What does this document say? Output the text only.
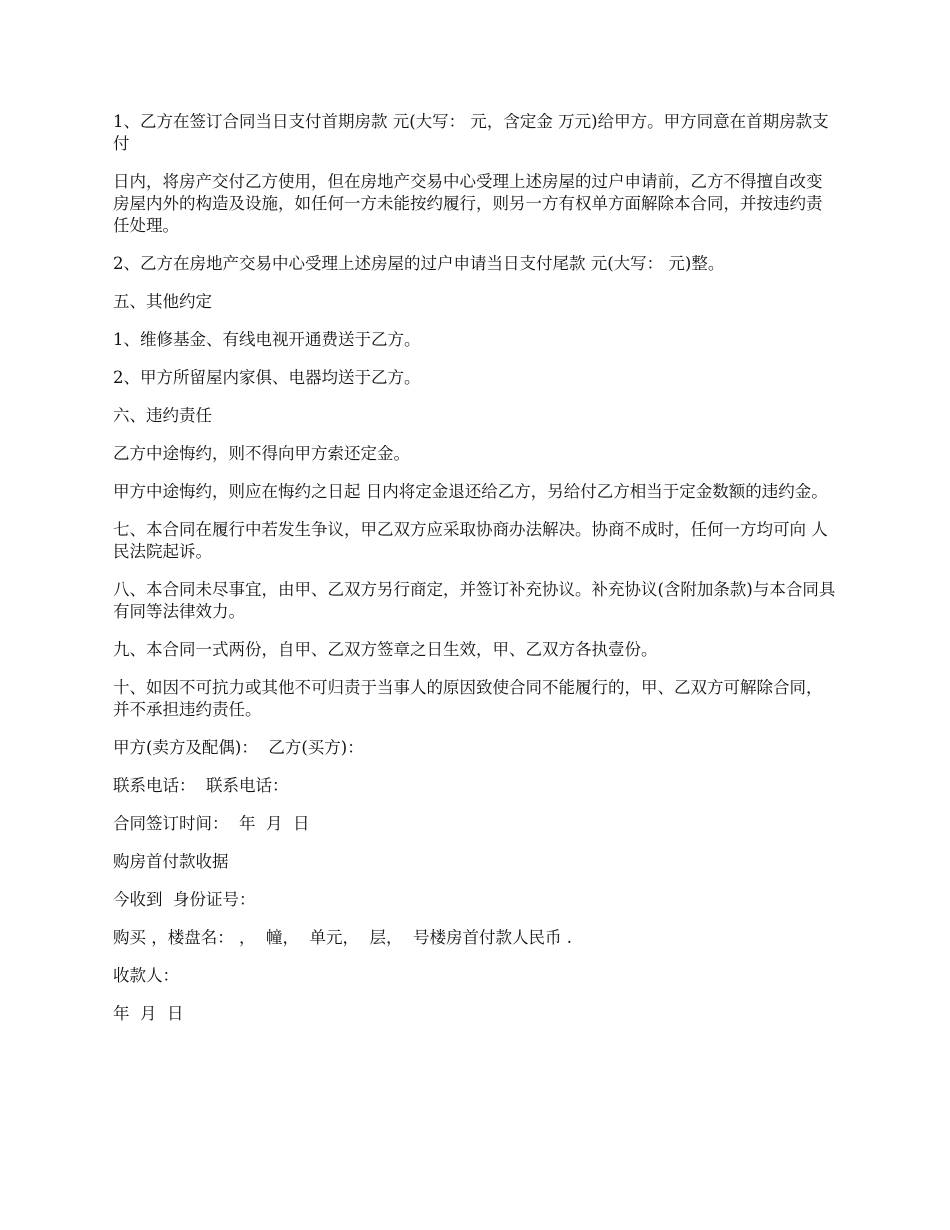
1、乙方在签订合同当日支付首期房款 元(大写： 元，含定金 万元)给甲方。甲方同意在首期房款支付

日内，将房产交付乙方使用，但在房地产交易中心受理上述房屋的过户申请前，乙方不得擅自改变房屋内外的构造及设施，如任何一方未能按约履行，则另一方有权单方面解除本合同，并按违约责任处理。

2、乙方在房地产交易中心受理上述房屋的过户申请当日支付尾款 元(大写： 元)整。

五、其他约定

1、维修基金、有线电视开通费送于乙方。

2、甲方所留屋内家俱、电器均送于乙方。

六、违约责任

乙方中途悔约，则不得向甲方索还定金。

甲方中途悔约，则应在悔约之日起 日内将定金退还给乙方，另给付乙方相当于定金数额的违约金。

七、本合同在履行中若发生争议，甲乙双方应采取协商办法解决。协商不成时，任何一方均可向 人民法院起诉。

八、本合同未尽事宜，由甲、乙双方另行商定，并签订补充协议。补充协议(含附加条款)与本合同具有同等法律效力。

九、本合同一式两份，自甲、乙双方签章之日生效，甲、乙双方各执壹份。

十、如因不可抗力或其他不可归责于当事人的原因致使合同不能履行的，甲、乙双方可解除合同，并不承担违约责任。

甲方(卖方及配偶)：  乙方(买方)：

联系电话：  联系电话：

合同签订时间：  年  月  日

购房首付款收据

今收到  身份证号：

购买 ，楼盘名： ，  幢，  单元，  层，  号楼房首付款人民币 .

收款人：

年  月  日
